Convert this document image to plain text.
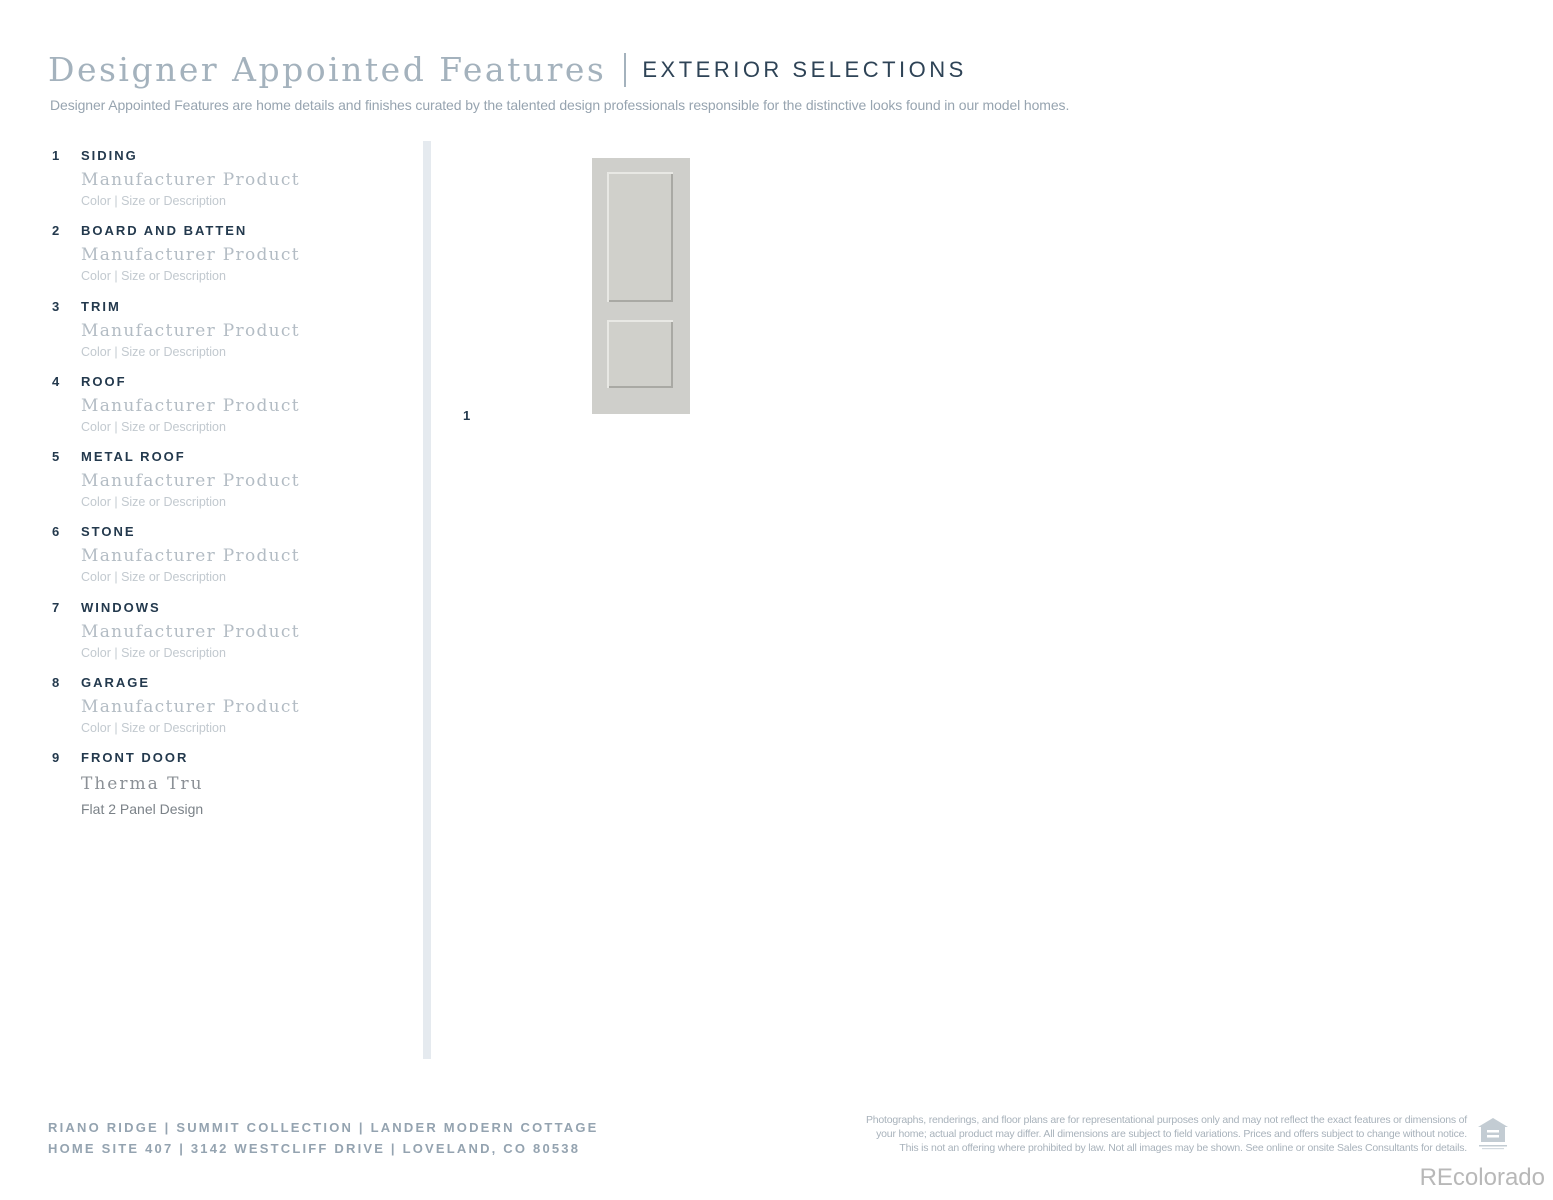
Designer Appointed Features EXTERIOR SELECTIONS
Designer Appointed Features are home details and finishes curated by the talented design professionals responsible for the distinctive looks found in our model homes.
1 SIDING
Manufacturer Product
Color | Size or Description
2 BOARD AND BATTEN
Manufacturer Product
Color | Size or Description
3 TRIM
Manufacturer Product
Color | Size or Description
4 ROOF
Manufacturer Product
Color | Size or Description
5 METAL ROOF
Manufacturer Product
Color | Size or Description
6 STONE
Manufacturer Product
Color | Size or Description
7 WINDOWS
Manufacturer Product
Color | Size or Description
8 GARAGE
Manufacturer Product
Color | Size or Description
9 FRONT DOOR
Therma Tru
Flat 2 Panel Design
1
RIANO RIDGE | SUMMIT COLLECTION | LANDER MODERN COTTAGE
HOME SITE 407 | 3142 WESTCLIFF DRIVE | LOVELAND, CO 80538
Photographs, renderings, and floor plans are for representational purposes only and may not reflect the exact features or dimensions of
your home; actual product may differ. All dimensions are subject to field variations. Prices and offers subject to change without notice.
This is not an offering where prohibited by law. Not all images may be shown. See online or onsite Sales Consultants for details.
REcolorado
